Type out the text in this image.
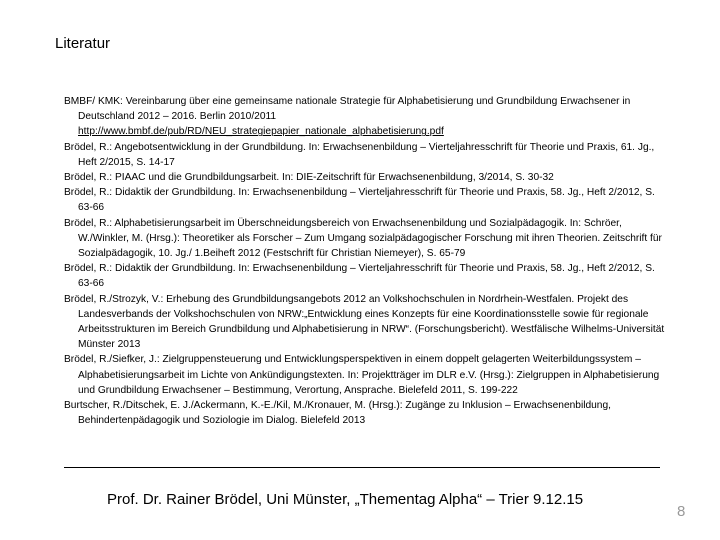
Literatur
BMBF/ KMK: Vereinbarung über eine gemeinsame nationale Strategie für Alphabetisierung und Grundbildung Erwachsener in Deutschland 2012 – 2016. Berlin 2010/2011
http://www.bmbf.de/pub/RD/NEU_strategiepapier_nationale_alphabetisierung.pdf
Brödel, R.: Angebotsentwicklung in der Grundbildung. In: Erwachsenenbildung – Vierteljahresschrift für Theorie und Praxis, 61. Jg., Heft 2/2015, S. 14-17
Brödel, R.: PIAAC und die Grundbildungsarbeit. In: DIE-Zeitschrift für Erwachsenenbildung, 3/2014, S. 30-32
Brödel, R.: Didaktik der Grundbildung. In: Erwachsenenbildung – Vierteljahresschrift für Theorie und Praxis, 58. Jg., Heft 2/2012, S. 63-66
Brödel, R.: Alphabetisierungsarbeit im Überschneidungsbereich von Erwachsenenbildung und Sozialpädagogik. In: Schröer, W./Winkler, M. (Hrsg.): Theoretiker als Forscher – Zum Umgang sozialpädagogischer Forschung mit ihren Theorien. Zeitschrift für Sozialpädagogik, 10. Jg./ 1.Beiheft 2012 (Festschrift für Christian Niemeyer), S. 65-79
Brödel, R.: Didaktik der Grundbildung. In: Erwachsenenbildung – Vierteljahresschrift für Theorie und Praxis, 58. Jg., Heft 2/2012, S. 63-66
Brödel, R./Strozyk, V.: Erhebung des Grundbildungsangebots 2012 an Volkshochschulen in Nordrhein-Westfalen. Projekt des Landesverbands der Volkshochschulen von NRW:„Entwicklung eines Konzepts für eine Koordinationsstelle sowie für regionale Arbeitsstrukturen im Bereich Grundbildung und Alphabetisierung in NRW“. (Forschungsbericht). Westfälische Wilhelms-Universität Münster 2013
Brödel, R./Siefker, J.: Zielgruppensteuerung und Entwicklungsperspektiven in einem doppelt gelagerten Weiterbildungssystem – Alphabetisierungsarbeit im Lichte von Ankündigungstexten. In: Projektträger im DLR e.V. (Hrsg.): Zielgruppen in Alphabetisierung und Grundbildung Erwachsener – Bestimmung, Verortung, Ansprache. Bielefeld 2011, S. 199-222
Burtscher, R./Ditschek, E. J./Ackermann, K.-E./Kil, M./Kronauer, M. (Hrsg.): Zugänge zu Inklusion – Erwachsenenbildung, Behindertenpädagogik und Soziologie im Dialog. Bielefeld 2013
Prof. Dr. Rainer Brödel, Uni Münster, „Thementag Alpha“ – Trier 9.12.15
8
